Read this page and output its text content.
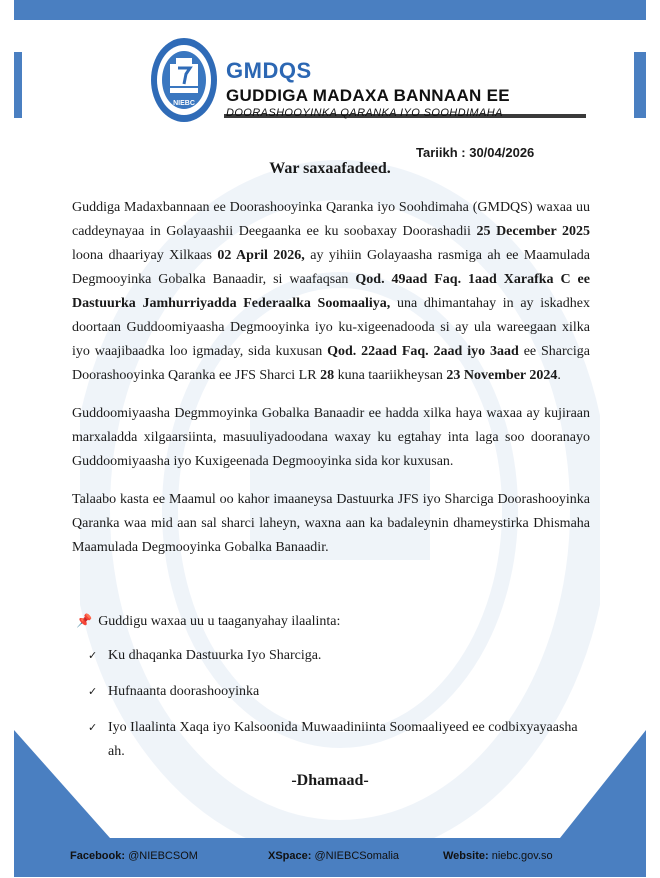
NIEBC
GMDQS
GUDDIGA MADAXA BANNAAN EE
DOORASHOOYINKA QARANKA IYO SOOHDIMAHA
Tariikh : 30/04/2026
War saxaafadeed.

Guddiga Madaxbannaan ee Doorashooyinka Qaranka iyo Soohdimaha (GMDQS) waxaa uu caddeynayaa in Golayaashii Deegaanka ee ku soobaxay Doorashadii 25 December 2025 loona dhaariyay Xilkaas 02 April 2026, ay yihiin Golayaasha rasmiga ah ee Maamulada Degmooyinka Gobalka Banaadir, si waafaqsan Qod. 49aad Faq. 1aad Xarafka C ee Dastuurka Jamhurriyadda Federaalka Soomaaliya, una dhimantahay in ay iskadhex doortaan Guddoomiyaasha Degmooyinka iyo ku-xigeenadooda si ay ula wareegaan xilka iyo waajibaadka loo igmaday, sida kuxusan Qod. 22aad Faq. 2aad iyo 3aad ee Sharciga Doorashooyinka Qaranka ee JFS Sharci LR 28 kuna taariikheysan 23 November 2024.

Guddoomiyaasha Degmmoyinka Gobalka Banaadir ee hadda xilka haya waxaa ay kujiraan marxaladda xilgaarsiinta, masuuliyadoodana waxay ku egtahay inta laga soo dooranayo Guddoomiyaasha iyo Kuxigeenada Degmooyinka sida kor kuxusan.

Talaabo kasta ee Maamul oo kahor imaaneysa Dastuurka JFS iyo Sharciga Doorashooyinka Qaranka waa mid aan sal sharci laheyn, waxna aan ka badaleynin dhameystirka Dhismaha Maamulada Degmooyinka Gobalka Banaadir.

📌 Guddigu waxaa uu u taaganyahay ilaalinta:
✓ Ku dhaqanka Dastuurka Iyo Sharciga.
✓ Hufnaanta doorashooyinka
✓ Iyo Ilaalinta Xaqa iyo Kalsoonida Muwaadiniinta Soomaaliyeed ee codbixyayaasha ah.
-Dhamaad-
Facebook: @NIEBCSOM	XSpace: @NIEBCSomalia	Website: niebc.gov.so
